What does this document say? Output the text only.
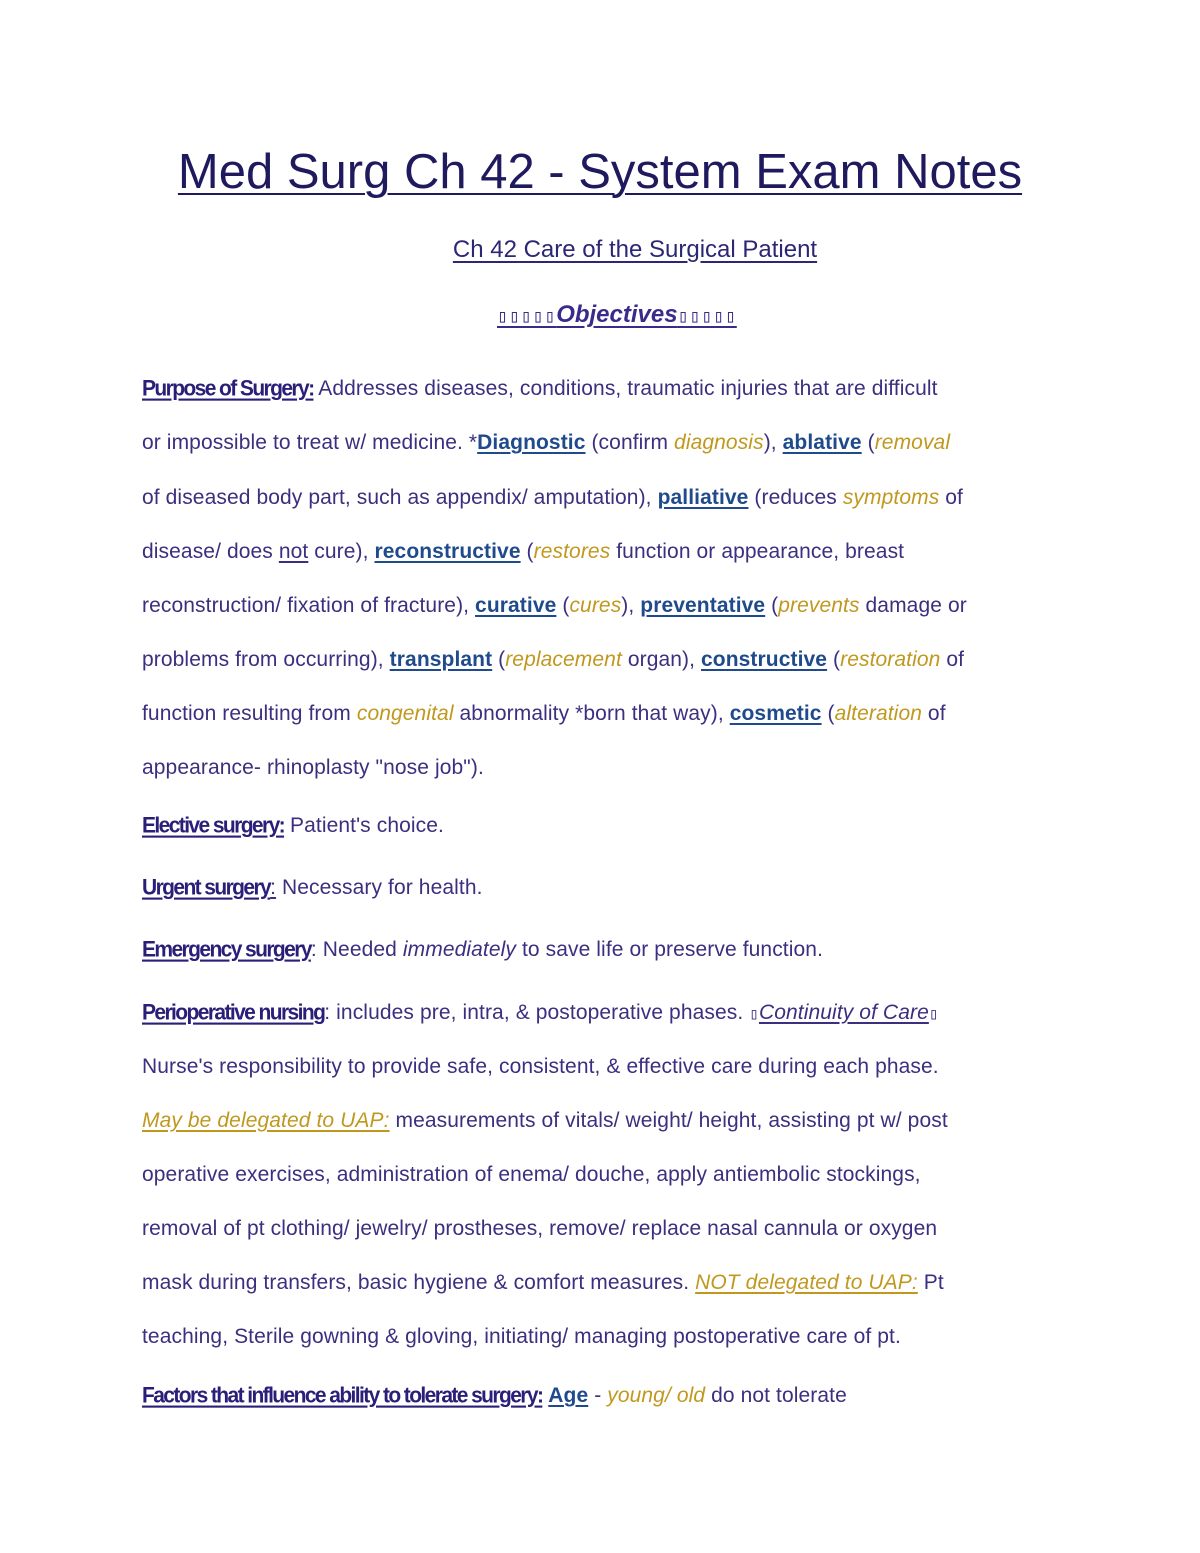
Med Surg Ch 42 - System Exam Notes
Ch 42 Care of the Surgical Patient
▯▯▯▯▯Objectives▯▯▯▯▯
Purpose of Surgery: Addresses diseases, conditions, traumatic injuries that are difficult
or impossible to treat w/ medicine. *Diagnostic (confirm diagnosis), ablative (removal
of diseased body part, such as appendix/ amputation), palliative (reduces symptoms of
disease/ does not cure), reconstructive (restores function or appearance, breast
reconstruction/ fixation of fracture), curative (cures), preventative (prevents damage or
problems from occurring), transplant (replacement organ), constructive (restoration of
function resulting from congenital abnormality *born that way), cosmetic (alteration of
appearance- rhinoplasty "nose job").
Elective surgery: Patient's choice.
Urgent surgery: Necessary for health.
Emergency surgery: Needed immediately to save life or preserve function.
Perioperative nursing: includes pre, intra, & postoperative phases. ▯Continuity of Care▯
Nurse's responsibility to provide safe, consistent, & effective care during each phase.
May be delegated to UAP: measurements of vitals/ weight/ height, assisting pt w/ post
operative exercises, administration of enema/ douche, apply antiembolic stockings,
removal of pt clothing/ jewelry/ prostheses, remove/ replace nasal cannula or oxygen
mask during transfers, basic hygiene & comfort measures. NOT delegated to UAP: Pt
teaching, Sterile gowning & gloving, initiating/ managing postoperative care of pt.
Factors that influence ability to tolerate surgery: Age - young/ old do not tolerate
